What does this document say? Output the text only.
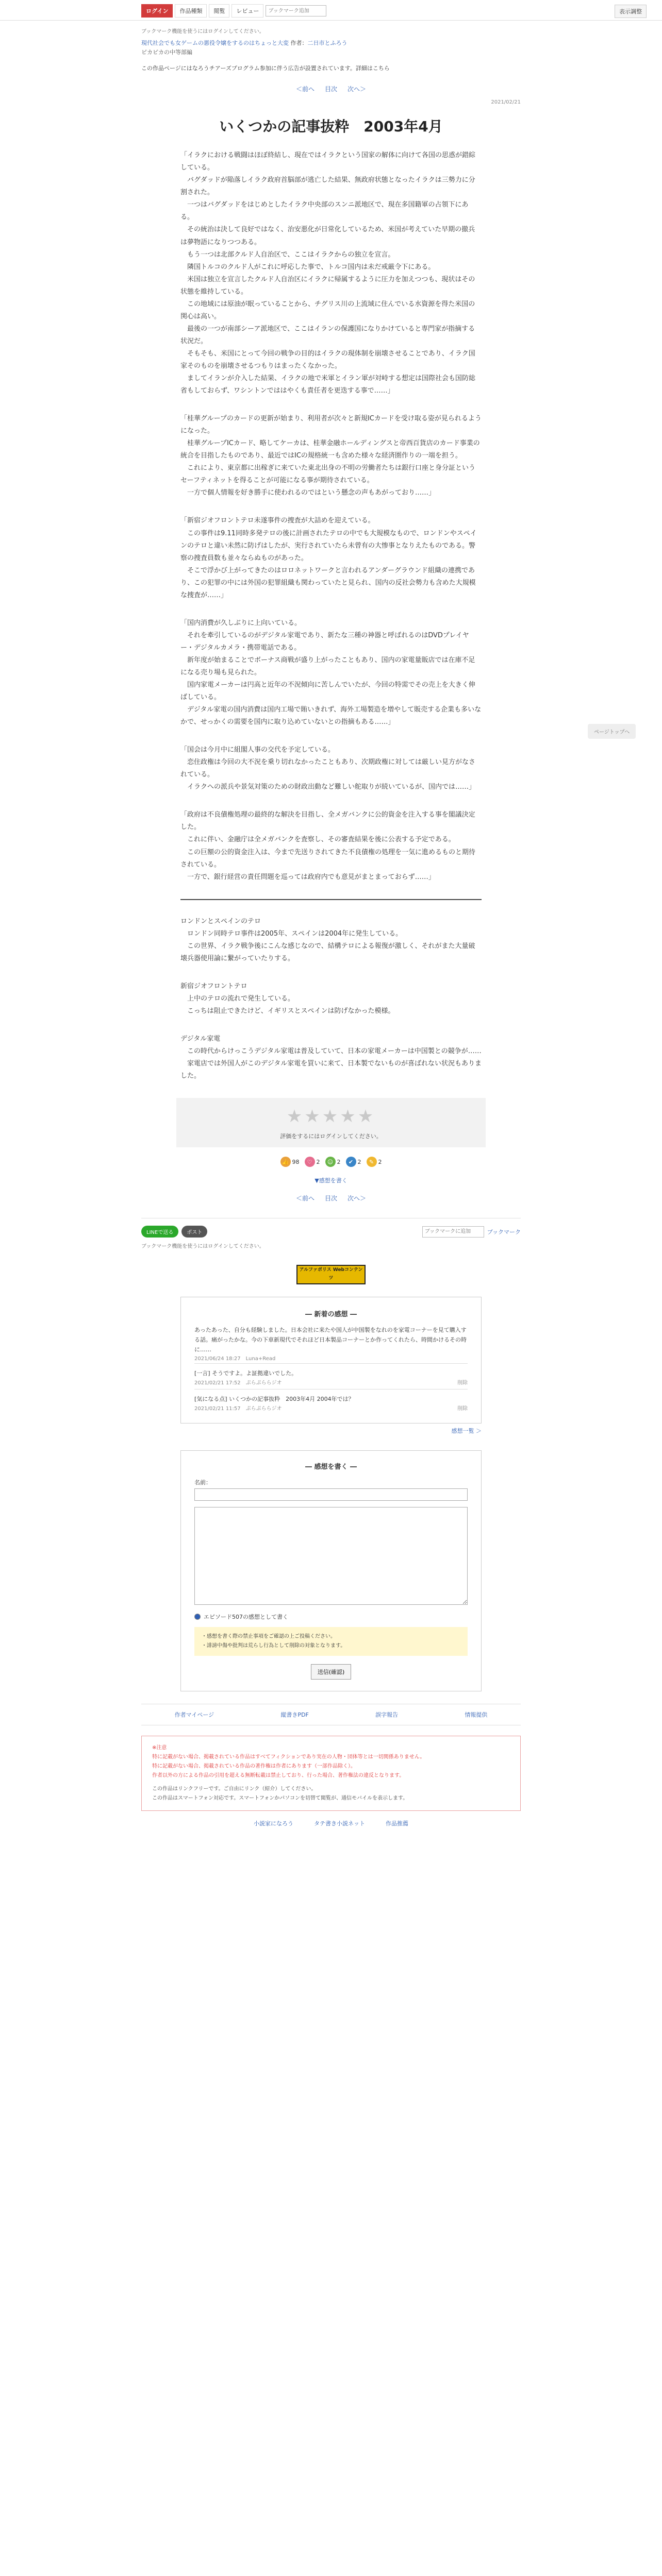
ログイン	作品種類	閲覧	レビュー
ブックマーク追加	表示調整
ブックマーク機能を使うにはログインしてください。
現代社会でも女ゲームの悪役令嬢をするのはちょっと大変 作者：二日市とふろう
ピカピカの中等部編
この作品ページにはなろうチアーズプログラム参加に伴う広告が設置されています。詳細はこちら
＜前へ 目次 次へ＞
2021/02/21
いくつかの記事抜粋　2003年4月

「イラクにおける戦闘はほぼ終結し、現在ではイラクという国家の解体に向けて各国の思惑が錯綜している。
　バグダッドが陥落しイラク政府首脳部が逃亡した結果、無政府状態となったイラクは三勢力に分割された。
　一つはバグダッドをはじめとしたイラク中央部のスンニ派地区で、現在多国籍軍の占領下にある。
　その統治は決して良好ではなく、治安悪化が日常化しているため、米国が考えていた早期の撤兵は夢物語になりつつある。
　もう一つは北部クルド人自治区で、ここはイラクからの独立を宣言。
　隣国トルコのクルド人がこれに呼応した事で、トルコ国内は未だ戒厳令下にある。
　米国は独立を宣言したクルド人自治区にイラクに帰属するように圧力を加えつつも、現状はその状態を維持している。
　この地域には原油が眠っていることから、チグリス川の上流域に住んでいる水資源を得た米国の関心は高い。
　最後の一つが南部シーア派地区で、ここはイランの保護国になりかけていると専門家が指摘する状況だ。
　そもそも、米国にとって今回の戦争の目的はイラクの現体制を崩壊させることであり、イラク国家そのものを崩壊させるつもりはまったくなかった。
　ましてイランが介入した結果、イラクの地で米軍とイラン軍が対峙する想定は国際社会も国防総省もしておらず、ワシントンでははやくも責任者を更迭する事で……」

「桂華グループのカードの更新が始まり、利用者が次々と新規ICカードを受け取る姿が見られるようになった。
　桂華グループICカード、略してケーカは、桂華金融ホールディングスと帝西百貨店のカード事業の統合を目指したものであり、最近ではICの規格統一も含めた様々な経済圏作りの一端を担う。
　これにより、東京都に出稼ぎに来ていた東北出身の不明の労働者たちは銀行口座と身分証というセーフティネットを得ることが可能になる事が期待されている。
　一方で個人情報を好き勝手に使われるのではという懸念の声もあがっており……」

「新宿ジオフロントテロ未遂事件の捜査が大詰めを迎えている。
　この事件は9.11同時多発テロの後に計画されたテロの中でも大規模なもので、ロンドンやスペインのテロと違い未然に防げはしたが、実行されていたら未曾有の大惨事となりえたものである。警察の捜査員数も並々ならぬものがあった。
　そこで浮かび上がってきたのはロロネットワークと言われるアンダーグラウンド組織の連携であり、この犯罪の中には外国の犯罪組織も関わっていたと見られ、国内の反社会勢力も含めた大規模な捜査が……」

「国内消費が久しぶりに上向いている。
　それを牽引しているのがデジタル家電であり、新たな三種の神器と呼ばれるのはDVDプレイヤー・デジタルカメラ・携帯電話である。
　新年度が始まることでボーナス商戦が盛り上がったこともあり、国内の家電量販店では在庫不足になる売り場も見られた。
　国内家電メーカーは円高と近年の不況傾向に苦しんでいたが、今回の特需でその売上を大きく伸ばしている。
　デジタル家電の国内消費は国内工場で賄いきれず、海外工場製造を増やして販売する企業も多いなかで、せっかくの需要を国内に取り込めていないとの指摘もある……」

「国会は今月中に組閣人事の交代を予定している。
　恋住政権は今回の大不況を乗り切れなかったこともあり、次期政権に対しては厳しい見方がなされている。
　イラクへの派兵や景気対策のための財政出動など難しい舵取りが続いているが、国内では……」

「政府は不良債権処理の最終的な解決を目指し、全メガバンクに公的資金を注入する事を閣議決定した。
　これに伴い、金融庁は全メガバンクを査察し、その審査結果を後に公表する予定である。
　この巨額の公的資金注入は、今まで先送りされてきた不良債権の処理を一気に進めるものと期待されている。
　一方で、銀行経営の責任問題を巡っては政府内でも意見がまとまっておらず……」

ロンドンとスペインのテロ
　ロンドン同時テロ事件は2005年、スペインは2004年に発生している。
　この世界、イラク戦争後にこんな感じなので、結構テロによる報復が激しく、それがまた大量破壊兵器使用論に繋がっていたりする。
新宿ジオフロントテロ
　上中のテロの流れで発生している。
　こっちは阻止できたけど、イギリスとスペインは防げなかった模様。
デジタル家電
　この時代からけっこうデジタル家電は普及していて、日本の家電メーカーは中国製との競争が……
　家電店では外国人がこのデジタル家電を買いに来て、日本製でないものが喜ばれない状況もありました。
★★★★★
評価をするにはログインしてください。
👍 98	♡ 2	☺ 2	✔ 2	✎ 2
▼感想を書く
＜前へ 目次 次へ＞
LINEで送る	ポスト
ブックマークに追加	ブックマーク
ブックマーク機能を使うにはログインしてください。
アルファポリス Webコンテンツ
― 新着の感想 ―
あったあった、自分も経験しました。日本会社に来たや国人が中国製をなれのを家電コーナーを見て購入する話。痛がったかな。今の下車新現代でそれほど日本製品コーナーとか作ってくれたら、時間かけるその時に……
2021/06/24 18:27　Luna+Read
[一言] そうですよ。よ証拠違いでした。
2021/02/21 17:52　ぷらぷららジオ	削除
[気になる点] いくつかの記事抜粋　2003年4月 2004年では？
2021/02/21 11:57　ぷらぷららジオ	削除
感想一覧 ＞
― 感想を書く ―
名前：

エピソード507の感想として書く
・感想を書く際の禁止事項をご確認の上ご投稿ください。
・誹謗中傷や批判は荒らし行為として削除の対象となります。
送信(確認)
作者マイページ	縦書きPDF	誤字報告	情報提供
※注意
特に記載がない場合、掲載されている作品はすべてフィクションであり実在の人物・団体等とは一切関係ありません。
特に記載がない場合、掲載されている作品の著作権は作者にあります（一部作品除く）。
作者以外の方による作品の引用を超える無断転載は禁止しており、行った場合、著作権法の違反となります。
この作品はリンクフリーです。ご自由にリンク（紹介）してください。
この作品はスマートフォン対応です。スマートフォンかパソコンを切替て閲覧が、通信モバイルを表示します。
小説家になろう	タテ書き小説ネット	作品推薦
ページトップへ
